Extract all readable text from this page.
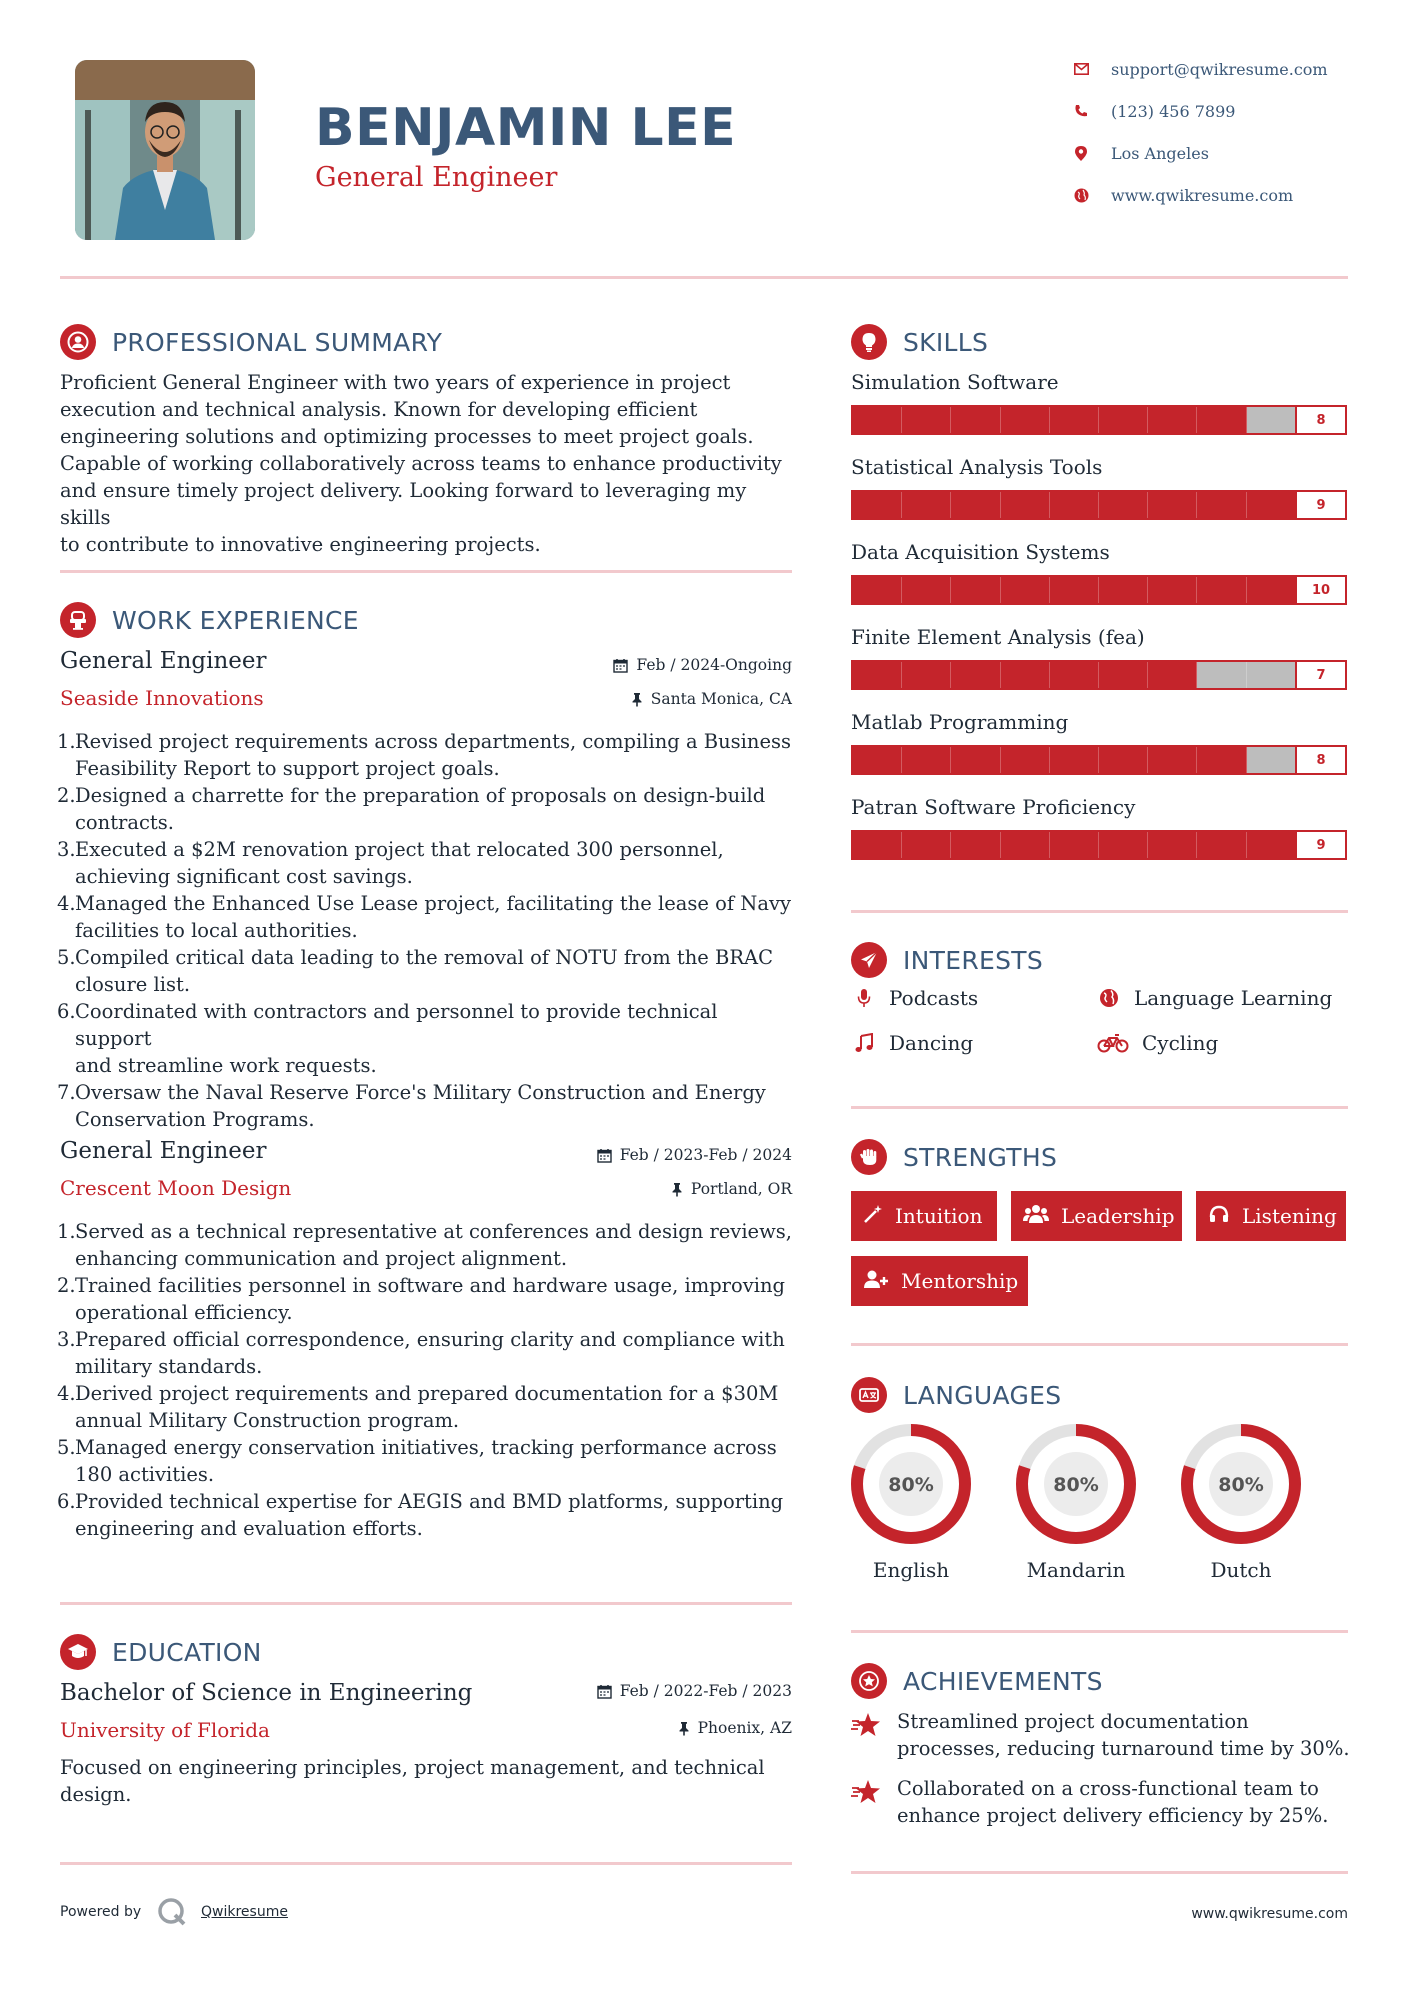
BENJAMIN LEE
General Engineer
support@qwikresume.com
(123) 456 7899
Los Angeles
www.qwikresume.com
PROFESSIONAL SUMMARY
Proficient General Engineer with two years of experience in project
execution and technical analysis. Known for developing efficient
engineering solutions and optimizing processes to meet project goals.
Capable of working collaboratively across teams to enhance productivity
and ensure timely project delivery. Looking forward to leveraging my skills
to contribute to innovative engineering projects.
WORK EXPERIENCE
General Engineer
Seaside Innovations
Feb / 2024-Ongoing
Santa Monica, CA
1. Revised project requirements across departments, compiling a Business
Feasibility Report to support project goals.
2. Designed a charrette for the preparation of proposals on design-build
contracts.
3. Executed a $2M renovation project that relocated 300 personnel,
achieving significant cost savings.
4. Managed the Enhanced Use Lease project, facilitating the lease of Navy
facilities to local authorities.
5. Compiled critical data leading to the removal of NOTU from the BRAC
closure list.
6. Coordinated with contractors and personnel to provide technical support
and streamline work requests.
7. Oversaw the Naval Reserve Force's Military Construction and Energy
Conservation Programs.
General Engineer
Crescent Moon Design
Feb / 2023-Feb / 2024
Portland, OR
1. Served as a technical representative at conferences and design reviews,
enhancing communication and project alignment.
2. Trained facilities personnel in software and hardware usage, improving
operational efficiency.
3. Prepared official correspondence, ensuring clarity and compliance with
military standards.
4. Derived project requirements and prepared documentation for a $30M
annual Military Construction program.
5. Managed energy conservation initiatives, tracking performance across
180 activities.
6. Provided technical expertise for AEGIS and BMD platforms, supporting
engineering and evaluation efforts.
EDUCATION
Bachelor of Science in Engineering
University of Florida
Feb / 2022-Feb / 2023
Phoenix, AZ
Focused on engineering principles, project management, and technical
design.
SKILLS
Simulation Software
8
Statistical Analysis Tools
9
Data Acquisition Systems
10
Finite Element Analysis (fea)
7
Matlab Programming
8
Patran Software Proficiency
9
INTERESTS
Podcasts	Language Learning
Dancing	Cycling
STRENGTHS
Intuition	Leadership	Listening
Mentorship
LANGUAGES
80%
English
80%
Mandarin
80%
Dutch
ACHIEVEMENTS
Streamlined project documentation
processes, reducing turnaround time by 30%.
Collaborated on a cross-functional team to
enhance project delivery efficiency by 25%.
Powered by	Qwikresume	www.qwikresume.com
